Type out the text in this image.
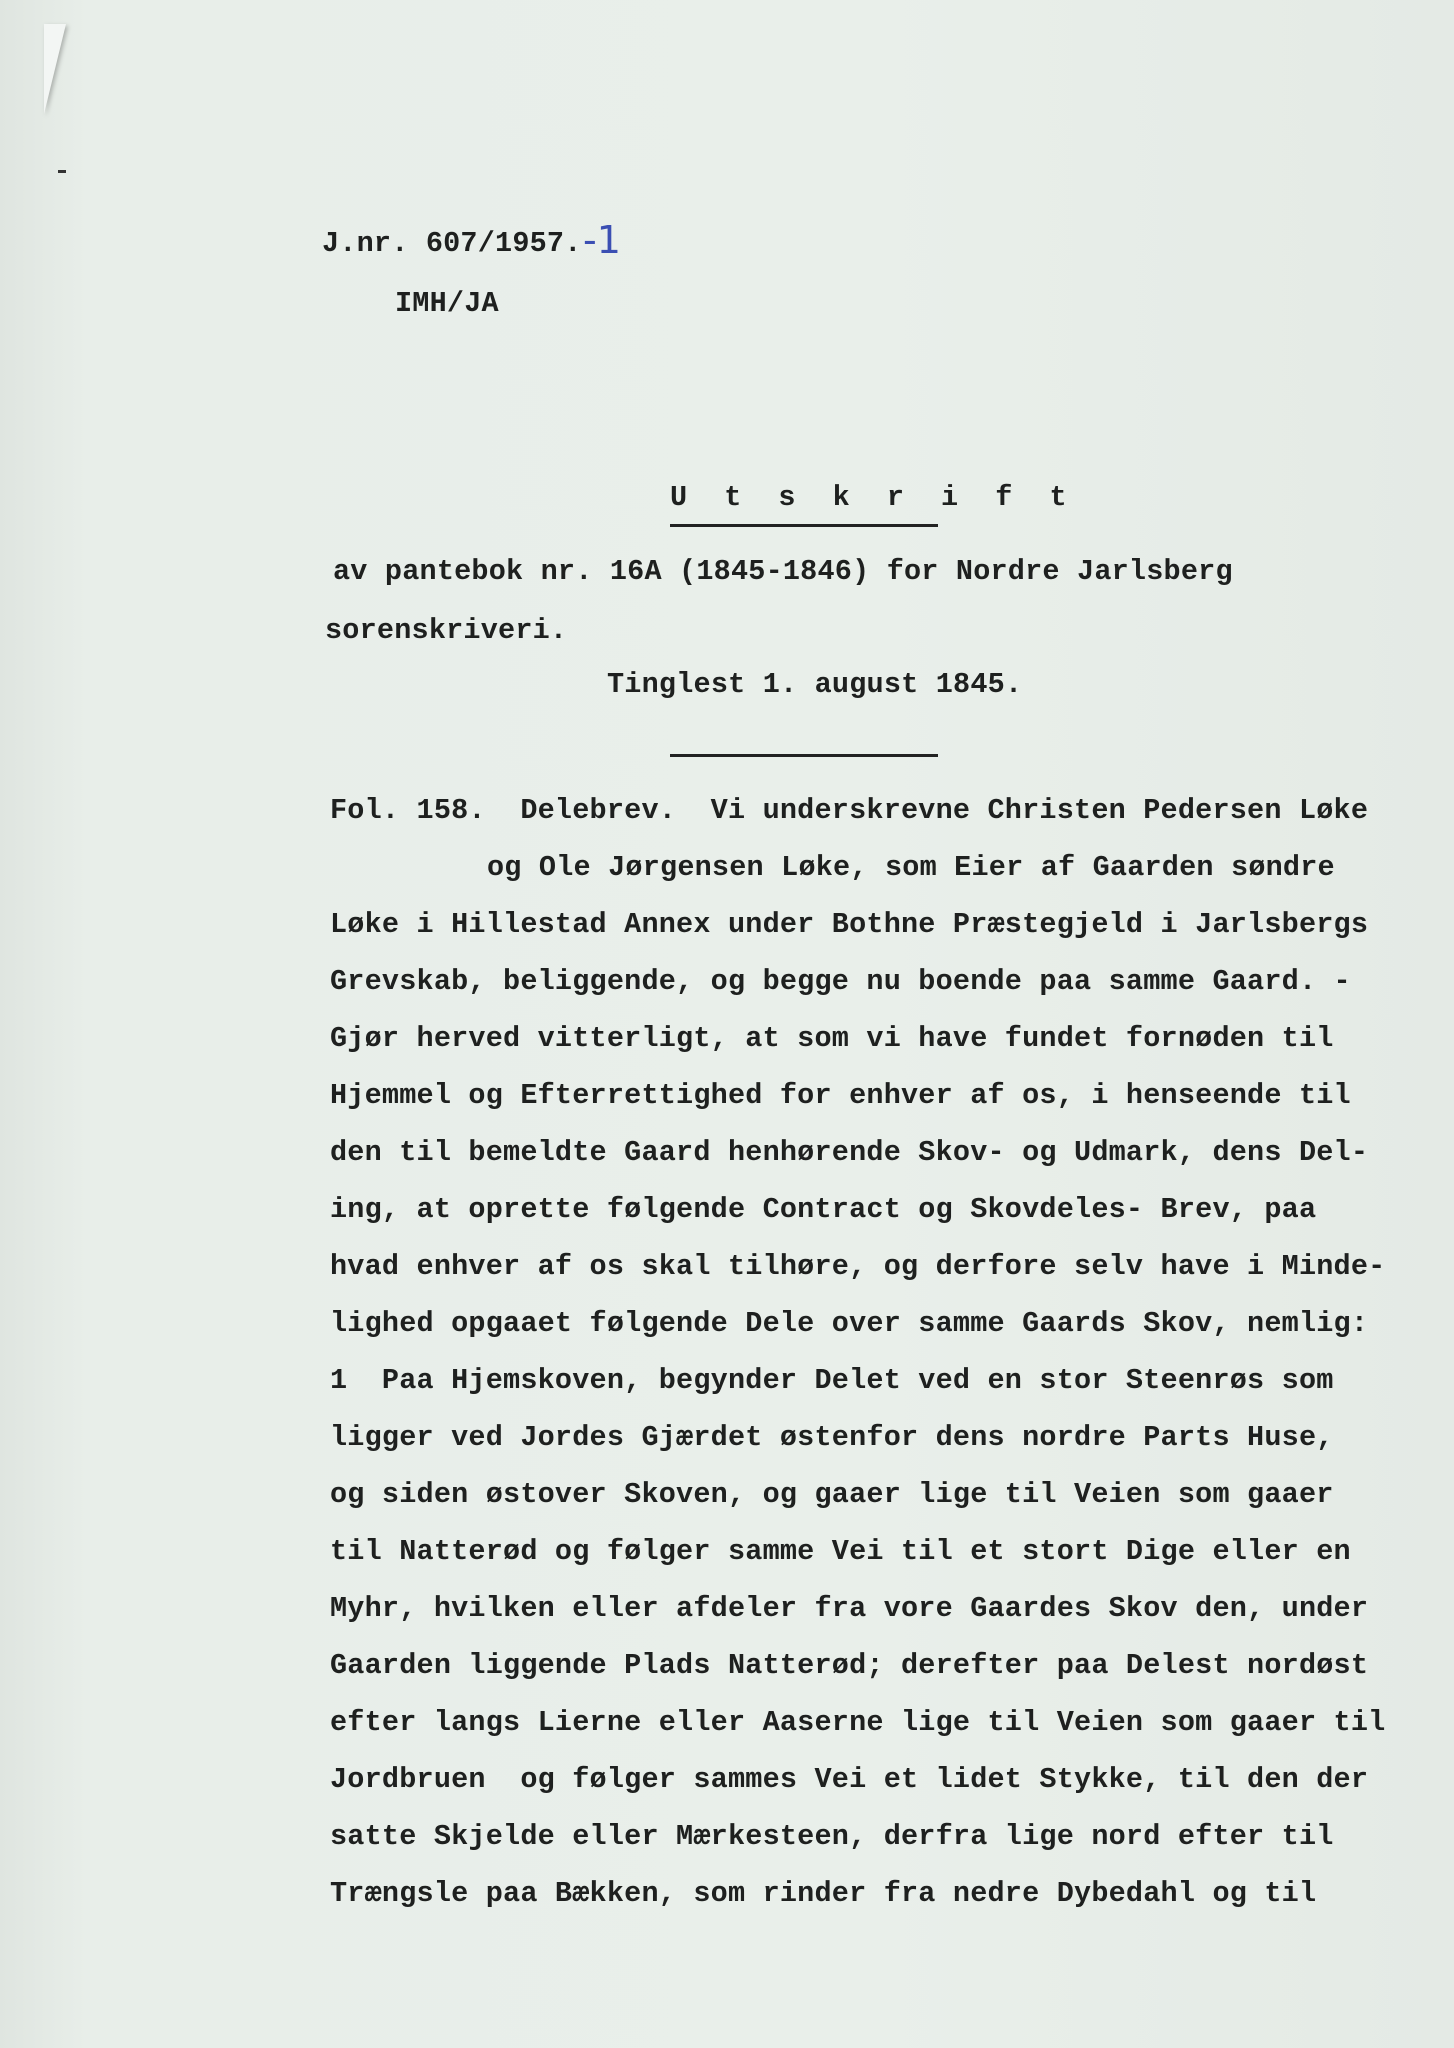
J.nr. 607/1957. -1
IMH/JA
U t s k r i f t
av pantebok nr. 16A (1845-1846) for Nordre Jarlsberg
sorenskriveri.
Tinglest 1. august 1845.
Fol. 158.  Delebrev.  Vi underskrevne Christen Pedersen Løke
og Ole Jørgensen Løke, som Eier af Gaarden søndre
Løke i Hillestad Annex under Bothne Præstegjeld i Jarlsbergs
Grevskab, beliggende, og begge nu boende paa samme Gaard. -
Gjør herved vitterligt, at som vi have fundet fornøden til
Hjemmel og Efterrettighed for enhver af os, i henseende til
den til bemeldte Gaard henhørende Skov- og Udmark, dens Del-
ing, at oprette følgende Contract og Skovdeles- Brev, paa
hvad enhver af os skal tilhøre, og derfore selv have i Minde-
lighed opgaaet følgende Dele over samme Gaards Skov, nemlig:
1  Paa Hjemskoven, begynder Delet ved en stor Steenrøs som
ligger ved Jordes Gjærdet østenfor dens nordre Parts Huse,
og siden østover Skoven, og gaaer lige til Veien som gaaer
til Natterød og følger samme Vei til et stort Dige eller en
Myhr, hvilken eller afdeler fra vore Gaardes Skov den, under
Gaarden liggende Plads Natterød; derefter paa Delest nordøst
efter langs Lierne eller Aaserne lige til Veien som gaaer til
Jordbruen  og følger sammes Vei et lidet Stykke, til den der
satte Skjelde eller Mærkesteen, derfra lige nord efter til
Trængsle paa Bækken, som rinder fra nedre Dybedahl og til
